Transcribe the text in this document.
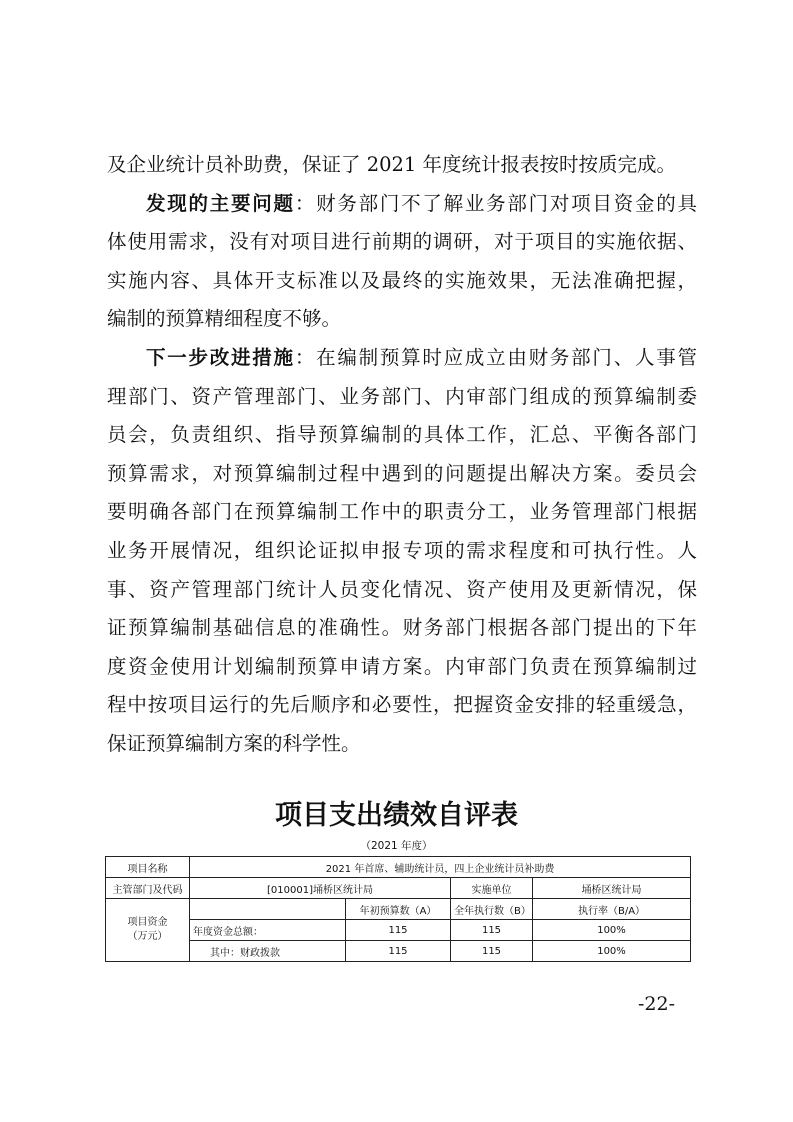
及企业统计员补助费，保证了 2021 年度统计报表按时按质完成。
发现的主要问题：财务部门不了解业务部门对项目资金的具
体使用需求，没有对项目进行前期的调研，对于项目的实施依据、
实施内容、具体开支标准以及最终的实施效果，无法准确把握，
编制的预算精细程度不够。
下一步改进措施：在编制预算时应成立由财务部门、人事管
理部门、资产管理部门、业务部门、内审部门组成的预算编制委
员会，负责组织、指导预算编制的具体工作，汇总、平衡各部门
预算需求，对预算编制过程中遇到的问题提出解决方案。委员会
要明确各部门在预算编制工作中的职责分工，业务管理部门根据
业务开展情况，组织论证拟申报专项的需求程度和可执行性。人
事、资产管理部门统计人员变化情况、资产使用及更新情况，保
证预算编制基础信息的准确性。财务部门根据各部门提出的下年
度资金使用计划编制预算申请方案。内审部门负责在预算编制过
程中按项目运行的先后顺序和必要性，把握资金安排的轻重缓急，
保证预算编制方案的科学性。
项目支出绩效自评表
（2021 年度）
项目名称	2021 年首席、辅助统计员，四上企业统计员补助费			
主管部门及代码	[010001]埇桥区统计局		实施单位	埇桥区统计局
项目资金
（万元）		年初预算数（A）	全年执行数（B）	执行率（B/A）
	年度资金总额：	115	115	100%
	其中：财政拨款	115	115	100%
-22-
